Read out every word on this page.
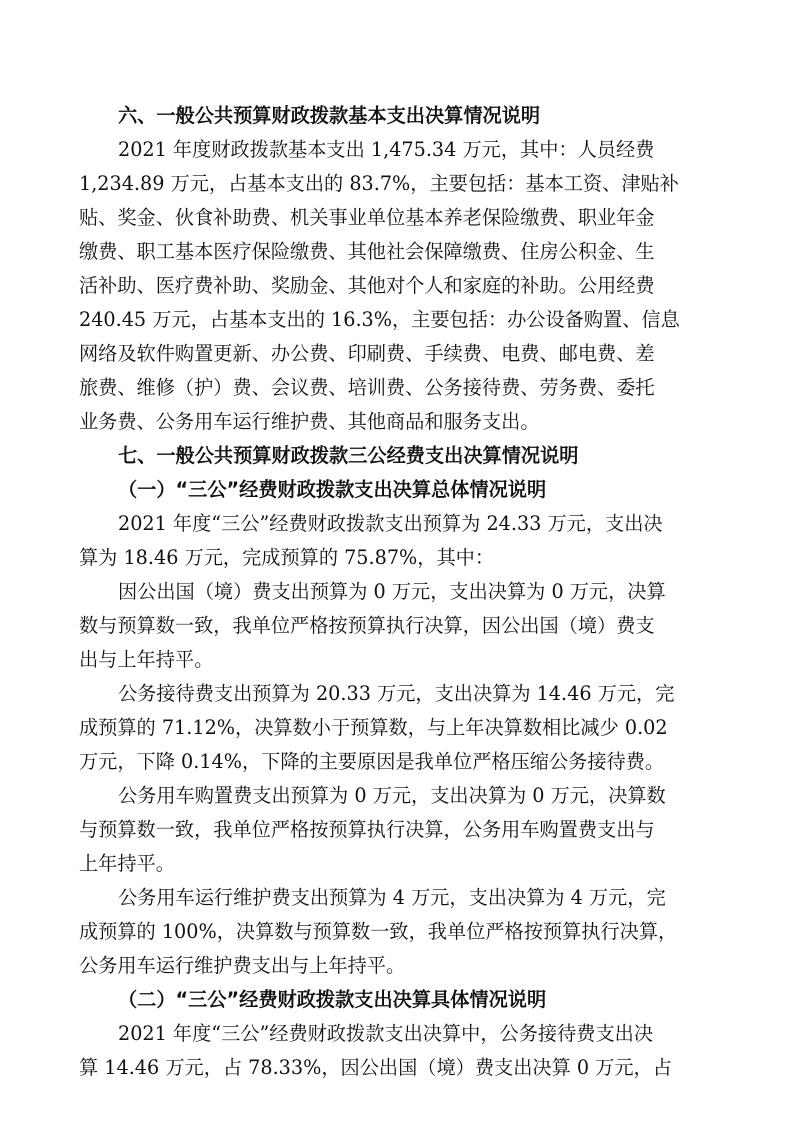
六、一般公共预算财政拨款基本支出决算情况说明
2021 年度财政拨款基本支出 1,475.34 万元，其中：人员经费
1,234.89 万元，占基本支出的 83.7%，主要包括：基本工资、津贴补
贴、奖金、伙食补助费、机关事业单位基本养老保险缴费、职业年金
缴费、职工基本医疗保险缴费、其他社会保障缴费、住房公积金、生
活补助、医疗费补助、奖励金、其他对个人和家庭的补助。公用经费
240.45 万元，占基本支出的 16.3%，主要包括：办公设备购置、信息
网络及软件购置更新、办公费、印刷费、手续费、电费、邮电费、差
旅费、维修（护）费、会议费、培训费、公务接待费、劳务费、委托
业务费、公务用车运行维护费、其他商品和服务支出。
七、一般公共预算财政拨款三公经费支出决算情况说明
（一）“三公”经费财政拨款支出决算总体情况说明
2021 年度“三公”经费财政拨款支出预算为 24.33 万元，支出决
算为 18.46 万元，完成预算的 75.87%，其中：
因公出国（境）费支出预算为 0 万元，支出决算为 0 万元，决算
数与预算数一致，我单位严格按预算执行决算，因公出国（境）费支
出与上年持平。
公务接待费支出预算为 20.33 万元，支出决算为 14.46 万元，完
成预算的 71.12%，决算数小于预算数，与上年决算数相比减少 0.02
万元，下降 0.14%，下降的主要原因是我单位严格压缩公务接待费。
公务用车购置费支出预算为 0 万元，支出决算为 0 万元，决算数
与预算数一致，我单位严格按预算执行决算，公务用车购置费支出与
上年持平。
公务用车运行维护费支出预算为 4 万元，支出决算为 4 万元，完
成预算的 100%，决算数与预算数一致，我单位严格按预算执行决算，
公务用车运行维护费支出与上年持平。
（二）“三公”经费财政拨款支出决算具体情况说明
2021 年度“三公”经费财政拨款支出决算中，公务接待费支出决
算 14.46 万元，占 78.33%，因公出国（境）费支出决算 0 万元，占
